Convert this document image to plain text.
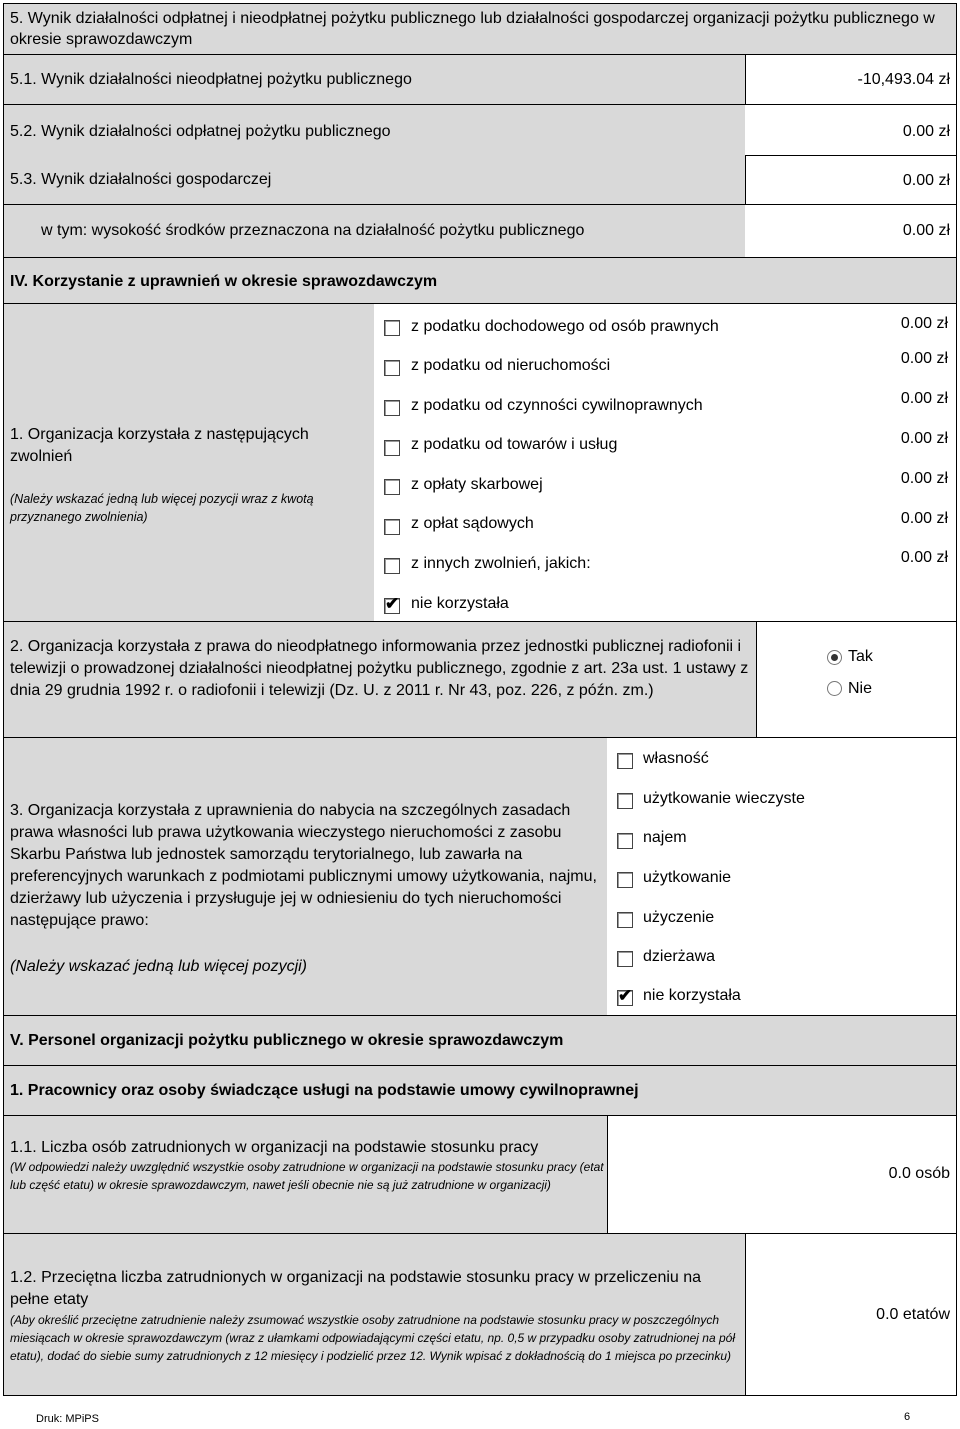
5. Wynik działalności odpłatnej i nieodpłatnej pożytku publicznego lub działalności gospodarczej organizacji pożytku publicznego w okresie sprawozdawczym
5.1. Wynik działalności nieodpłatnej pożytku publicznego	-10,493.04 zł
5.2. Wynik działalności odpłatnej pożytku publicznego	0.00 zł
5.3. Wynik działalności gospodarczej	0.00 zł
w tym: wysokość środków przeznaczona na działalność pożytku publicznego	0.00 zł
IV. Korzystanie z uprawnień w okresie sprawozdawczym
1. Organizacja korzystała z następujących zwolnień
(Należy wskazać jedną lub więcej pozycji wraz z kwotą przyznanego zwolnienia)
z podatku dochodowego od osób prawnych	0.00 zł
z podatku od nieruchomości	0.00 zł
z podatku od czynności cywilnoprawnych	0.00 zł
z podatku od towarów i usług	0.00 zł
z opłaty skarbowej	0.00 zł
z opłat sądowych	0.00 zł
z innych zwolnień, jakich:	0.00 zł
✔ nie korzystała
2. Organizacja korzystała z prawa do nieodpłatnego informowania przez jednostki publicznej radiofonii i telewizji o prowadzonej działalności nieodpłatnej pożytku publicznego, zgodnie z art. 23a ust. 1 ustawy z dnia 29 grudnia 1992 r. o radiofonii i telewizji (Dz. U. z 2011 r. Nr 43, poz. 226, z późn. zm.)
Tak
Nie
3. Organizacja korzystała z uprawnienia do nabycia na szczególnych zasadach prawa własności lub prawa użytkowania wieczystego nieruchomości z zasobu Skarbu Państwa lub jednostek samorządu terytorialnego, lub zawarła na preferencyjnych warunkach z podmiotami publicznymi umowy użytkowania, najmu, dzierżawy lub użyczenia i przysługuje jej w odniesieniu do tych nieruchomości następujące prawo:
(Należy wskazać jedną lub więcej pozycji)
własność
użytkowanie wieczyste
najem
użytkowanie
użyczenie
dzierżawa
✔ nie korzystała
V. Personel organizacji pożytku publicznego w okresie sprawozdawczym
1. Pracownicy oraz osoby świadczące usługi na podstawie umowy cywilnoprawnej
1.1. Liczba osób zatrudnionych w organizacji na podstawie stosunku pracy
(W odpowiedzi należy uwzględnić wszystkie osoby zatrudnione w organizacji na podstawie stosunku pracy (etat lub część etatu) w okresie sprawozdawczym, nawet jeśli obecnie nie są już zatrudnione w organizacji)
0.0 osób
1.2. Przeciętna liczba zatrudnionych w organizacji na podstawie stosunku pracy w przeliczeniu na pełne etaty
(Aby określić przeciętne zatrudnienie należy zsumować wszystkie osoby zatrudnione na podstawie stosunku pracy w poszczególnych miesiącach w okresie sprawozdawczym (wraz z ułamkami odpowiadającymi części etatu, np. 0,5 w przypadku osoby zatrudnionej na pół etatu), dodać do siebie sumy zatrudnionych z 12 miesięcy i podzielić przez 12. Wynik wpisać z dokładnością do 1 miejsca po przecinku)
0.0 etatów
Druk: MPiPS	6
